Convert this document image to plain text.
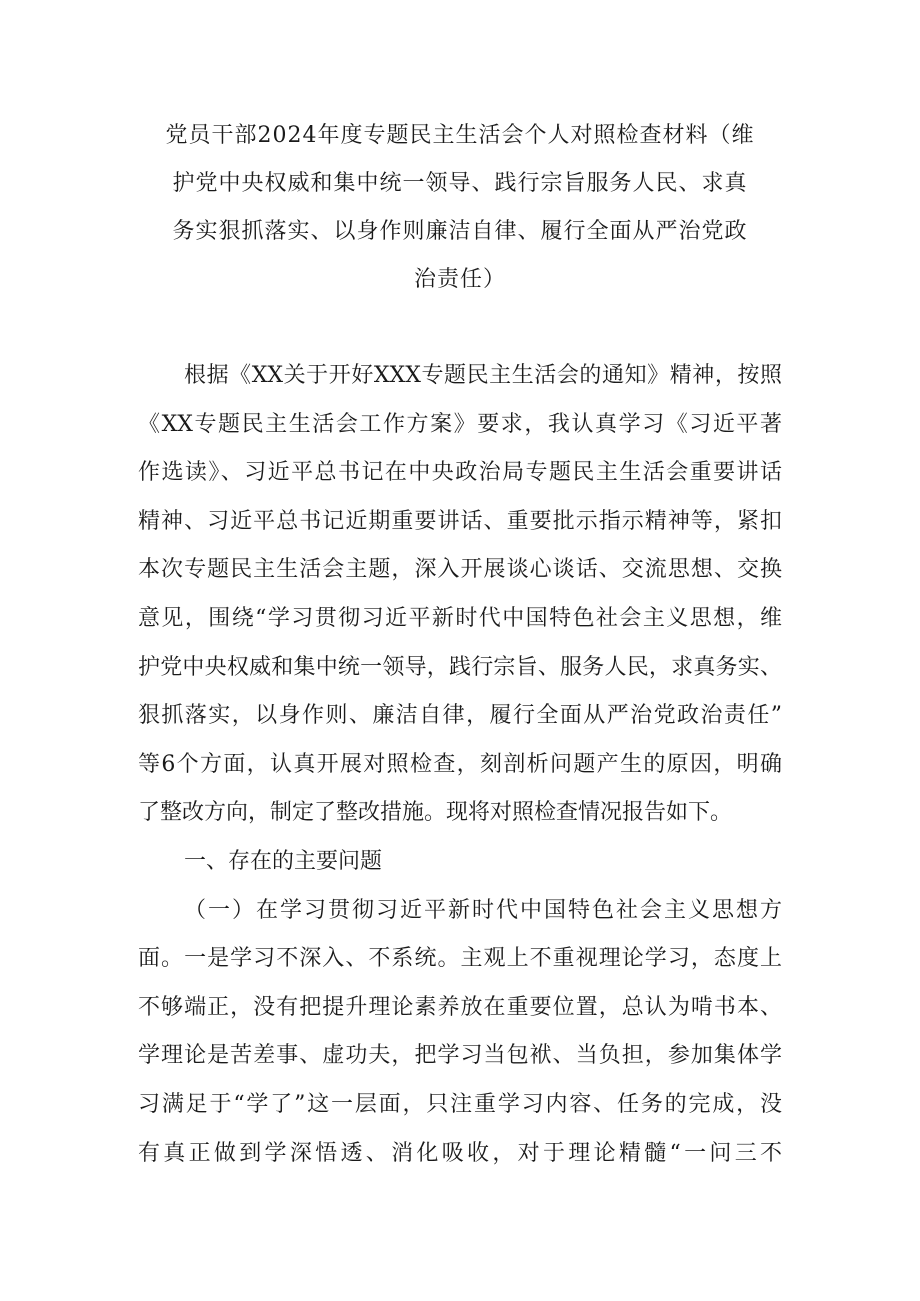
党员干部2024年度专题民主生活会个人对照检查材料（维
护党中央权威和集中统一领导、践行宗旨服务人民、求真
务实狠抓落实、以身作则廉洁自律、履行全面从严治党政
治责任）
根据《XX关于开好XXX专题民主生活会的通知》精神，按照
《XX专题民主生活会工作方案》要求，我认真学习《习近平著
作选读》、习近平总书记在中央政治局专题民主生活会重要讲话
精神、习近平总书记近期重要讲话、重要批示指示精神等，紧扣
本次专题民主生活会主题，深入开展谈心谈话、交流思想、交换
意见，围绕“学习贯彻习近平新时代中国特色社会主义思想，维
护党中央权威和集中统一领导，践行宗旨、服务人民，求真务实、
狠抓落实，以身作则、廉洁自律，履行全面从严治党政治责任”
等6个方面，认真开展对照检查，刻剖析问题产生的原因，明确
了整改方向，制定了整改措施。现将对照检查情况报告如下。
一、存在的主要问题
（一）在学习贯彻习近平新时代中国特色社会主义思想方
面。一是学习不深入、不系统。主观上不重视理论学习，态度上
不够端正，没有把提升理论素养放在重要位置，总认为啃书本、
学理论是苦差事、虚功夫，把学习当包袱、当负担，参加集体学
习满足于“学了”这一层面，只注重学习内容、任务的完成，没
有真正做到学深悟透、消化吸收，对于理论精髓“一问三不
